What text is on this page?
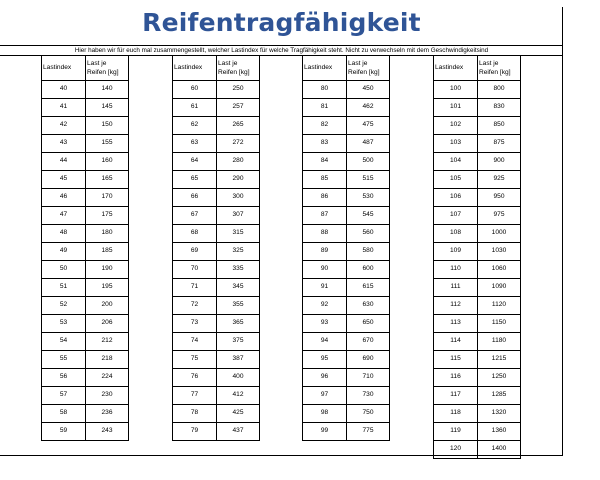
Reifentragfähigkeit
Hier haben wir für euch mal zusammengestellt, welcher Lastindex für welche Tragfähigkeit steht. Nicht zu verwechseln mit dem Geschwindigkeitsind
Lastindex	Last je
Reifen [kg]
40	140
41	145
42	150
43	155
44	160
45	165
46	170
47	175
48	180
49	185
50	190
51	195
52	200
53	206
54	212
55	218
56	224
57	230
58	236
59	243
Lastindex	Last je
Reifen [kg]
60	250
61	257
62	265
63	272
64	280
65	290
66	300
67	307
68	315
69	325
70	335
71	345
72	355
73	365
74	375
75	387
76	400
77	412
78	425
79	437
Lastindex	Last je
Reifen [kg]
80	450
81	462
82	475
83	487
84	500
85	515
86	530
87	545
88	560
89	580
90	600
91	615
92	630
93	650
94	670
95	690
96	710
97	730
98	750
99	775
Lastindex	Last je
Reifen [kg]
100	800
101	830
102	850
103	875
104	900
105	925
106	950
107	975
108	1000
109	1030
110	1060
111	1090
112	1120
113	1150
114	1180
115	1215
116	1250
117	1285
118	1320
119	1360
120	1400
